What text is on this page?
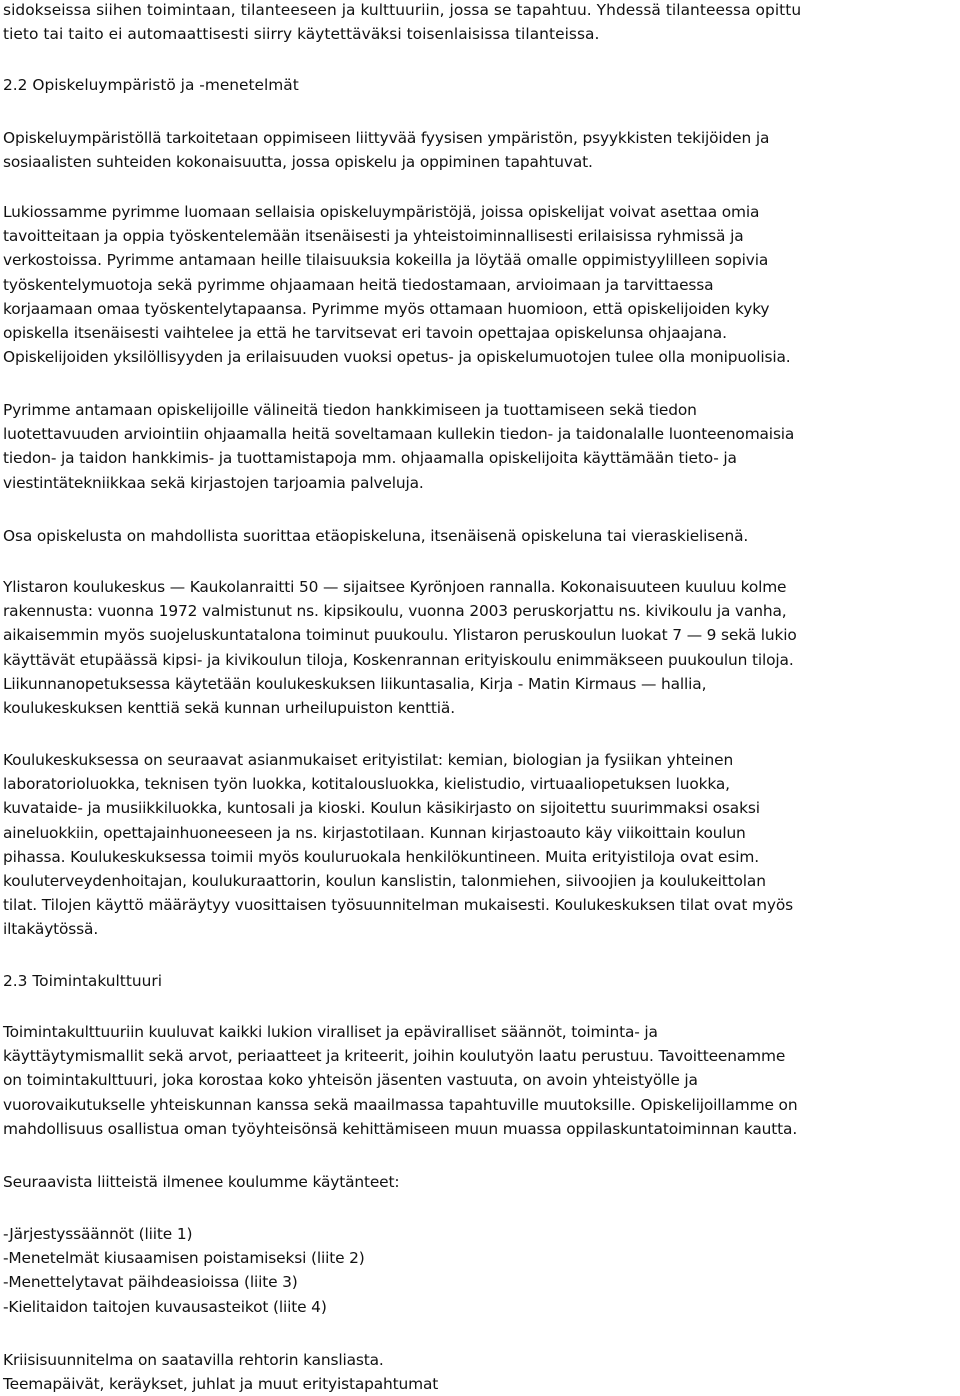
sidokseissa siihen toimintaan, tilanteeseen ja kulttuuriin, jossa se tapahtuu. Yhdessä tilanteessa opittu
tieto tai taito ei automaattisesti siirry käytettäväksi toisenlaisissa tilanteissa.
2.2 Opiskeluympäristö ja -menetelmät
Opiskeluympäristöllä tarkoitetaan oppimiseen liittyvää fyysisen ympäristön, psyykkisten tekijöiden ja
sosiaalisten suhteiden kokonaisuutta, jossa opiskelu ja oppiminen tapahtuvat.
Lukiossamme pyrimme luomaan sellaisia opiskeluympäristöjä, joissa opiskelijat voivat asettaa omia
tavoitteitaan ja oppia työskentelemään itsenäisesti ja yhteistoiminnallisesti erilaisissa ryhmissä ja
verkostoissa. Pyrimme antamaan heille tilaisuuksia kokeilla ja löytää omalle oppimistyylilleen sopivia
työskentelymuotoja sekä pyrimme ohjaamaan heitä tiedostamaan, arvioimaan ja tarvittaessa
korjaamaan omaa työskentelytapaansa. Pyrimme myös ottamaan huomioon, että opiskelijoiden kyky
opiskella itsenäisesti vaihtelee ja että he tarvitsevat eri tavoin opettajaa opiskelunsa ohjaajana.
Opiskelijoiden yksilöllisyyden ja erilaisuuden vuoksi opetus- ja opiskelumuotojen tulee olla monipuolisia.
Pyrimme antamaan opiskelijoille välineitä tiedon hankkimiseen ja tuottamiseen sekä tiedon
luotettavuuden arviointiin ohjaamalla heitä soveltamaan kullekin tiedon- ja taidonalalle luonteenomaisia
tiedon- ja taidon hankkimis- ja tuottamistapoja mm. ohjaamalla opiskelijoita käyttämään tieto- ja
viestintätekniikkaa sekä kirjastojen tarjoamia palveluja.
Osa opiskelusta on mahdollista suorittaa etäopiskeluna, itsenäisenä opiskeluna tai vieraskielisenä.
Ylistaron koulukeskus — Kaukolanraitti 50 — sijaitsee Kyrönjoen rannalla. Kokonaisuuteen kuuluu kolme
rakennusta: vuonna 1972 valmistunut ns. kipsikoulu, vuonna 2003 peruskorjattu ns. kivikoulu ja vanha,
aikaisemmin myös suojeluskuntatalona toiminut puukoulu. Ylistaron peruskoulun luokat 7 — 9 sekä lukio
käyttävät etupäässä kipsi- ja kivikoulun tiloja, Koskenrannan erityiskoulu enimmäkseen puukoulun tiloja.
Liikunnanopetuksessa käytetään koulukeskuksen liikuntasalia, Kirja - Matin Kirmaus — hallia,
koulukeskuksen kenttiä sekä kunnan urheilupuiston kenttiä.
Koulukeskuksessa on seuraavat asianmukaiset erityistilat: kemian, biologian ja fysiikan yhteinen
laboratorioluokka, teknisen työn luokka, kotitalousluokka, kielistudio, virtuaaliopetuksen luokka,
kuvataide- ja musiikkiluokka, kuntosali ja kioski. Koulun käsikirjasto on sijoitettu suurimmaksi osaksi
aineluokkiin, opettajainhuoneeseen ja ns. kirjastotilaan. Kunnan kirjastoauto käy viikoittain koulun
pihassa. Koulukeskuksessa toimii myös kouluruokala henkilökuntineen. Muita erityistiloja ovat esim.
kouluterveydenhoitajan, koulukuraattorin, koulun kanslistin, talonmiehen, siivoojien ja koulukeittolan
tilat. Tilojen käyttö määräytyy vuosittaisen työsuunnitelman mukaisesti. Koulukeskuksen tilat ovat myös
iltakäytössä.
2.3 Toimintakulttuuri
Toimintakulttuuriin kuuluvat kaikki lukion viralliset ja epäviralliset säännöt, toiminta- ja
käyttäytymismallit sekä arvot, periaatteet ja kriteerit, joihin koulutyön laatu perustuu. Tavoitteenamme
on toimintakulttuuri, joka korostaa koko yhteisön jäsenten vastuuta, on avoin yhteistyölle ja
vuorovaikutukselle yhteiskunnan kanssa sekä maailmassa tapahtuville muutoksille. Opiskelijoillamme on
mahdollisuus osallistua oman työyhteisönsä kehittämiseen muun muassa oppilaskuntatoiminnan kautta.
Seuraavista liitteistä ilmenee koulumme käytänteet:
-Järjestyssäännöt (liite 1)
-Menetelmät kiusaamisen poistamiseksi (liite 2)
-Menettelytavat päihdeasioissa (liite 3)
-Kielitaidon taitojen kuvausasteikot (liite 4)
Kriisisuunnitelma on saatavilla rehtorin kansliasta.
Teemapäivät, keräykset, juhlat ja muut erityistapahtumat
